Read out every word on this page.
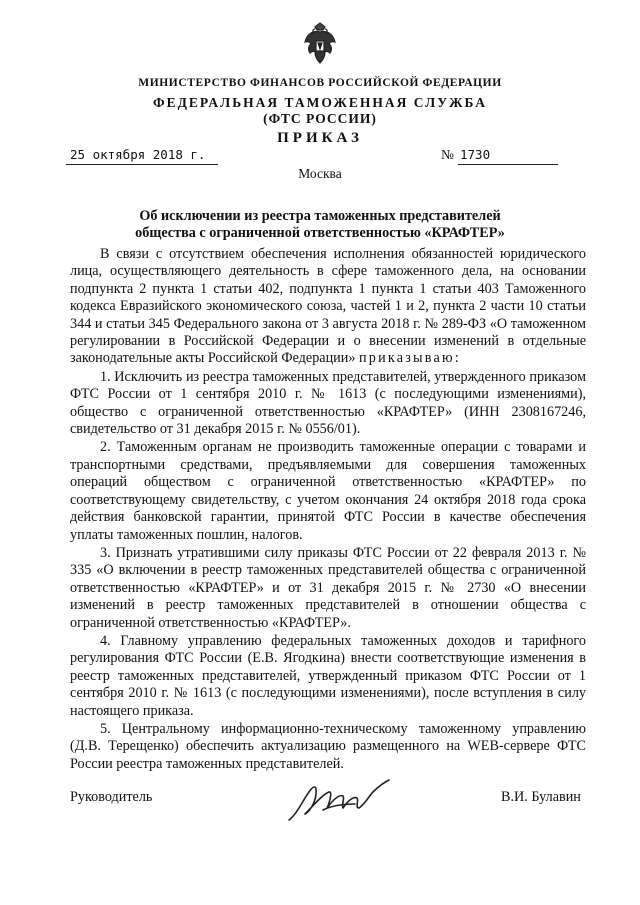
МИНИСТЕРСТВО ФИНАНСОВ РОССИЙСКОЙ ФЕДЕРАЦИИ
ФЕДЕРАЛЬНАЯ ТАМОЖЕННАЯ СЛУЖБА
(ФТС РОССИИ)
ПРИКАЗ
25 октября 2018 г.	№ 1730
Москва
Об исключении из реестра таможенных представителей
общества с ограниченной ответственностью «КРАФТЕР»

В связи с отсутствием обеспечения исполнения обязанностей юридического лица, осуществляющего деятельность в сфере таможенного дела, на основании подпункта 2 пункта 1 статьи 402, подпункта 1 пункта 1 статьи 403 Таможенного кодекса Евразийского экономического союза, частей 1 и 2, пункта 2 части 10 статьи 344 и статьи 345 Федерального закона от 3 августа 2018 г. № 289-ФЗ «О таможенном регулировании в Российской Федерации и о внесении изменений в отдельные законодательные акты Российской Федерации» приказываю:

1. Исключить из реестра таможенных представителей, утвержденного приказом ФТС России от 1 сентября 2010 г. № 1613 (с последующими изменениями), общество с ограниченной ответственностью «КРАФТЕР» (ИНН 2308167246, свидетельство от 31 декабря 2015 г. № 0556/01).

2. Таможенным органам не производить таможенные операции с товарами и транспортными средствами, предъявляемыми для совершения таможенных операций обществом с ограниченной ответственностью «КРАФТЕР» по соответствующему свидетельству, с учетом окончания 24 октября 2018 года срока действия банковской гарантии, принятой ФТС России в качестве обеспечения уплаты таможенных пошлин, налогов.

3. Признать утратившими силу приказы ФТС России от 22 февраля 2013 г. № 335 «О включении в реестр таможенных представителей общества с ограниченной ответственностью «КРАФТЕР» и от 31 декабря 2015 г. № 2730 «О внесении изменений в реестр таможенных представителей в отношении общества с ограниченной ответственностью «КРАФТЕР».

4. Главному управлению федеральных таможенных доходов и тарифного регулирования ФТС России (Е.В. Ягодкина) внести соответствующие изменения в реестр таможенных представителей, утвержденный приказом ФТС России от 1 сентября 2010 г. № 1613 (с последующими изменениями), после вступления в силу настоящего приказа.

5. Центральному информационно-техническому таможенному управлению (Д.В. Терещенко) обеспечить актуализацию размещенного на WEB-сервере ФТС России реестра таможенных представителей.

Руководитель	В.И. Булавин
